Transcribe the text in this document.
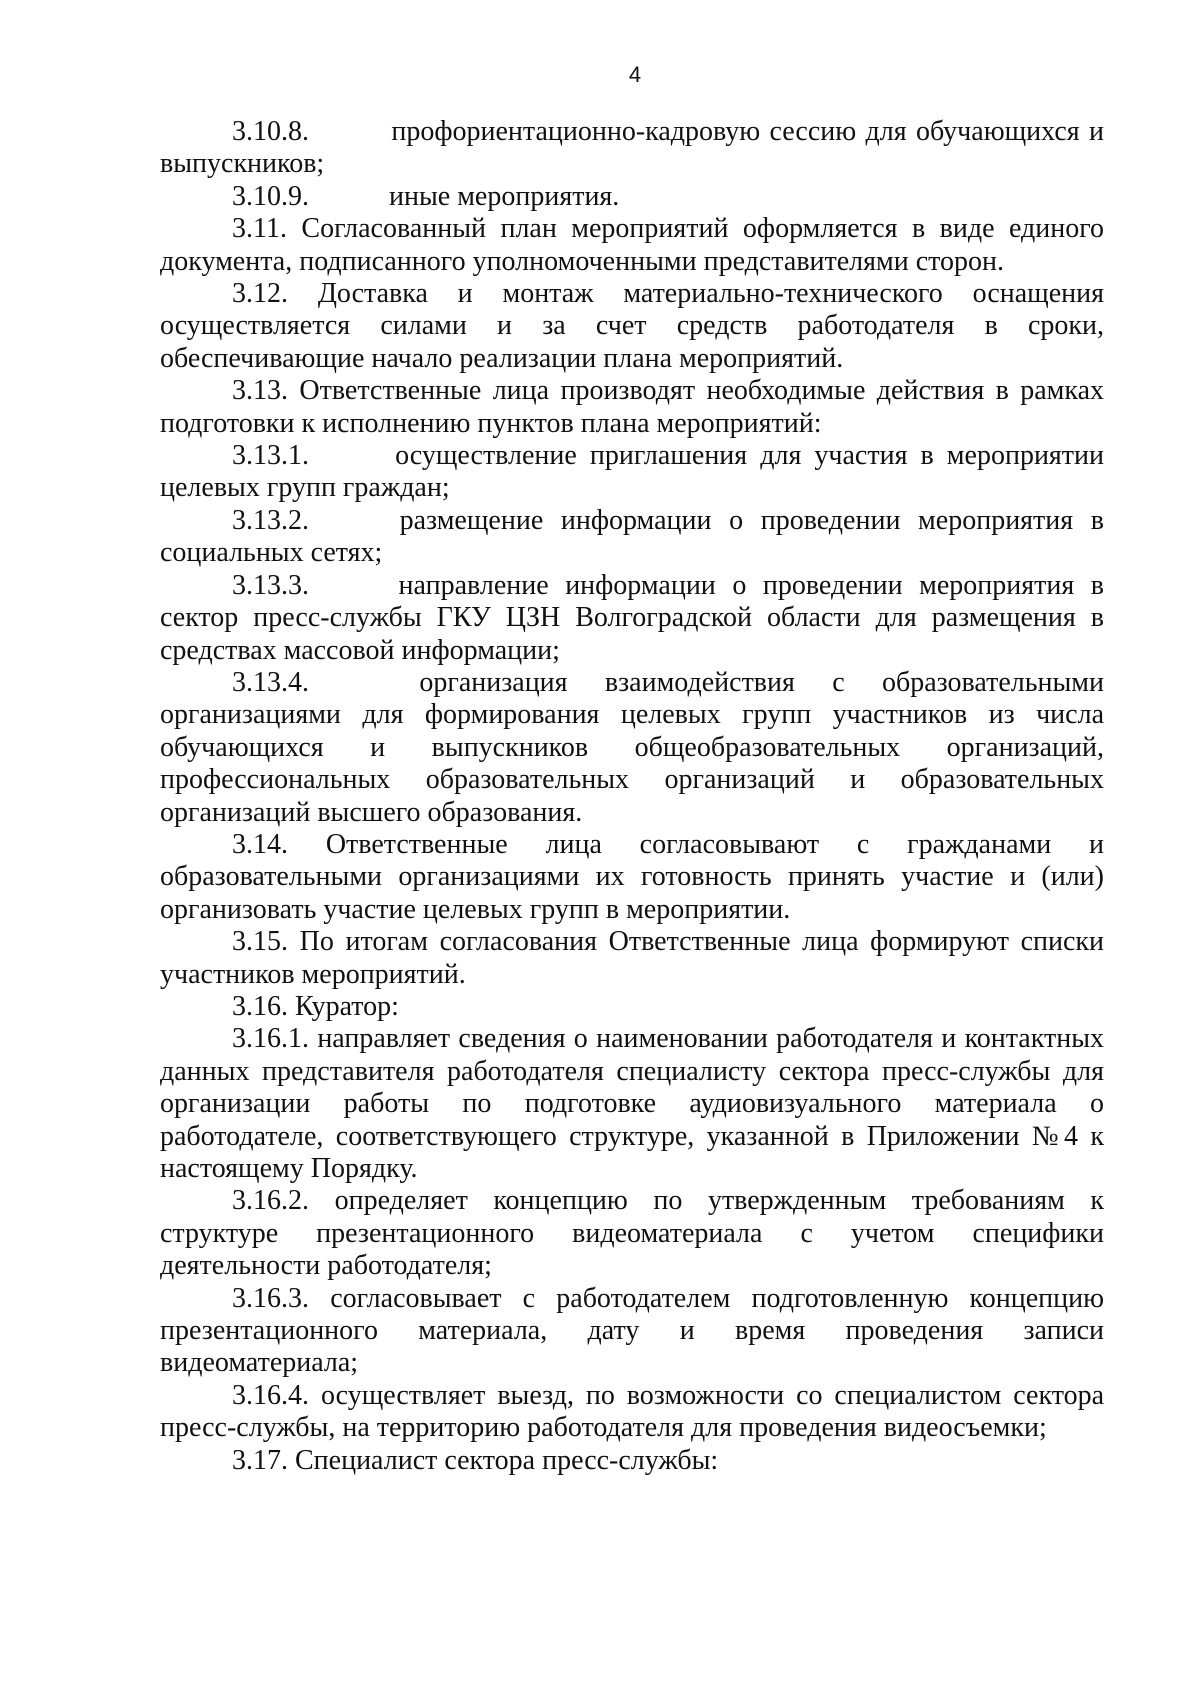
4

3.10.8.	профориентационно-кадровую сессию для обучающихся и выпускников;

3.10.9.	иные мероприятия.

3.11. Согласованный план мероприятий оформляется в виде единого документа, подписанного уполномоченными представителями сторон.

3.12. Доставка и монтаж материально-технического оснащения осуществляется силами и за счет средств работодателя в сроки, обеспечивающие начало реализации плана мероприятий.

3.13. Ответственные лица производят необходимые действия в рамках подготовки к исполнению пунктов плана мероприятий:

3.13.1.	осуществление приглашения для участия в мероприятии целевых групп граждан;

3.13.2.	размещение информации о проведении мероприятия в социальных сетях;

3.13.3.	направление информации о проведении мероприятия в сектор пресс-службы ГКУ ЦЗН Волгоградской области для размещения в средствах массовой информации;

3.13.4.	организация взаимодействия с образовательными организациями для формирования целевых групп участников из числа обучающихся и выпускников общеобразовательных организаций, профессиональных образовательных организаций и образовательных организаций высшего образования.

3.14. Ответственные лица согласовывают с гражданами и образовательными организациями их готовность принять участие и (или) организовать участие целевых групп в мероприятии.

3.15. По итогам согласования Ответственные лица формируют списки участников мероприятий.

3.16. Куратор:

3.16.1. направляет сведения о наименовании работодателя и контактных данных представителя работодателя специалисту сектора пресс-службы для организации работы по подготовке аудиовизуального материала о работодателе, соответствующего структуре, указанной в Приложении №4 к настоящему Порядку.

3.16.2. определяет концепцию по утвержденным требованиям к структуре презентационного видеоматериала с учетом специфики деятельности работодателя;

3.16.3. согласовывает с работодателем подготовленную концепцию презентационного материала, дату и время проведения записи видеоматериала;

3.16.4. осуществляет выезд, по возможности со специалистом сектора пресс-службы, на территорию работодателя для проведения видеосъемки;

3.17. Специалист сектора пресс-службы:
